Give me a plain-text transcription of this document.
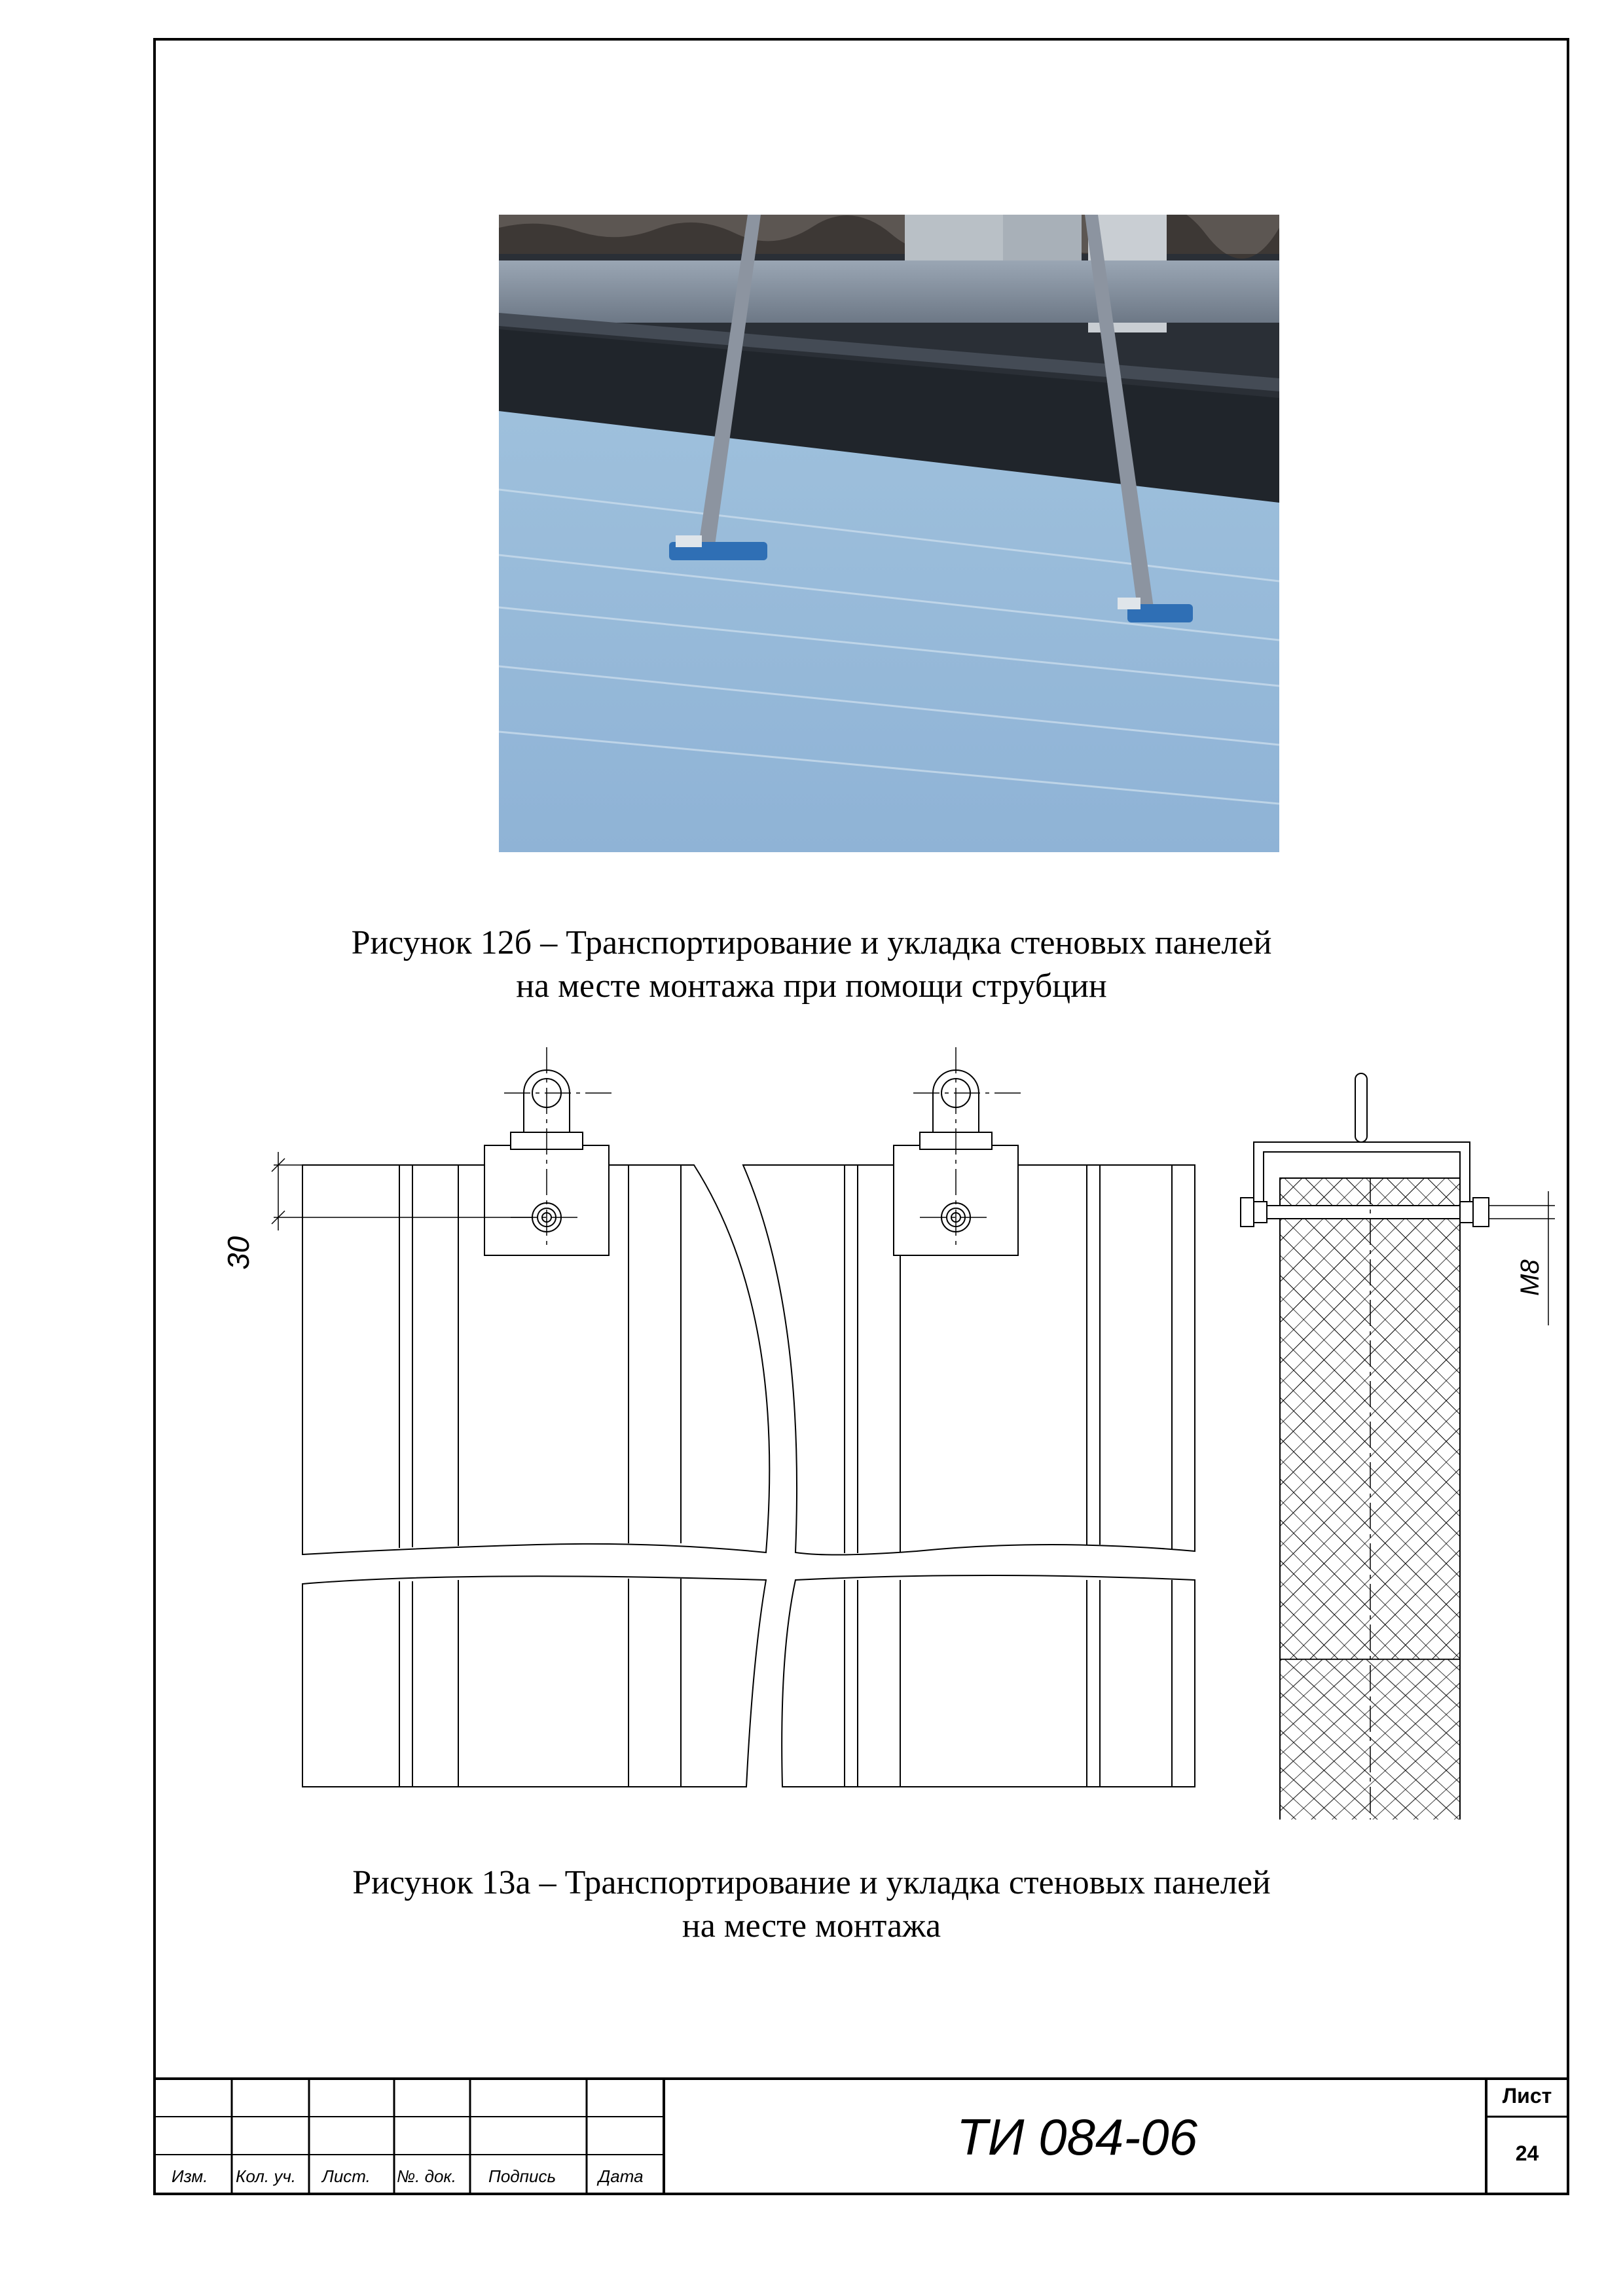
Рисунок 12б – Транспортирование и укладка стеновых панелей
на месте монтажа при помощи струбцин
30
М8
Рисунок 13а – Транспортирование и укладка стеновых панелей
на месте монтажа
Изм. Кол. уч. Лист. №. док. Подпись Дата
ТИ 084-06
Лист
24
